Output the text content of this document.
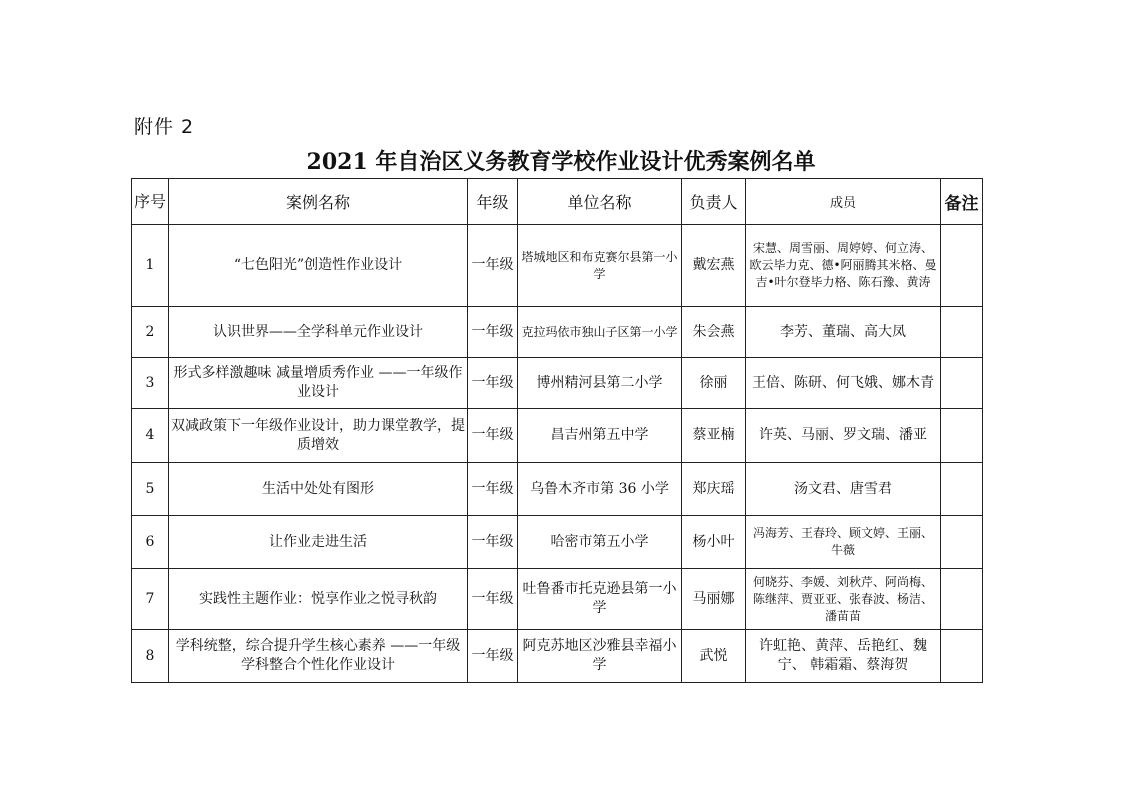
附件 2
2021 年自治区义务教育学校作业设计优秀案例名单
序号	案例名称	年级	单位名称	负责人	成员	备注
1	“七色阳光”创造性作业设计	一年级	塔城地区和布克赛尔县第一小学	戴宏燕	宋慧、周雪丽、周婷婷、何立涛、欧云毕力克、德•阿丽腾其米格、曼吉•叶尔登毕力格、陈石豫、黄涛	
2	认识世界——全学科单元作业设计	一年级	克拉玛依市独山子区第一小学	朱会燕	李芳、董瑞、高大凤	
3	形式多样激趣味 减量增质秀作业 ——一年级作业设计	一年级	博州精河县第二小学	徐丽	王倍、陈研、何飞娥、娜木青	
4	双减政策下一年级作业设计，助力课堂教学，提质增效	一年级	昌吉州第五中学	蔡亚楠	许英、马丽、罗文瑞、潘亚	
5	生活中处处有图形	一年级	乌鲁木齐市第 36 小学	郑庆瑶	汤文君、唐雪君	
6	让作业走进生活	一年级	哈密市第五小学	杨小叶	冯海芳、王春玲、顾文婷、王丽、牛薇	
7	实践性主题作业：悦享作业之悦寻秋韵	一年级	吐鲁番市托克逊县第一小学	马丽娜	何晓芬、李媛、刘秋芹、阿尚梅、陈继萍、贾亚亚、张春波、杨洁、潘苗苗	
8	学科统整，综合提升学生核心素养 ——一年级学科整合个性化作业设计	一年级	阿克苏地区沙雅县幸福小学	武悦	许虹艳、黄萍、岳艳红、魏宁、 韩霜霜、蔡海贺	
